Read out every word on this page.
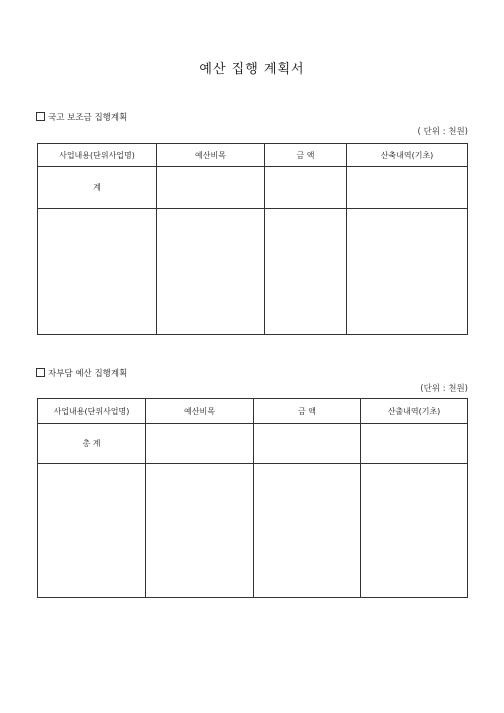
예산 집행 계획서
국고 보조금 집행계획
( 단위 : 천원)
사업내용(단위사업명)	예산비목	금 액	산축내역(기초)
계			

자부담 예산 집행계획
(단위 : 천원)
사업내용(단위사업명)	예산비목	금 액	산출내역(기초)
총 계			
